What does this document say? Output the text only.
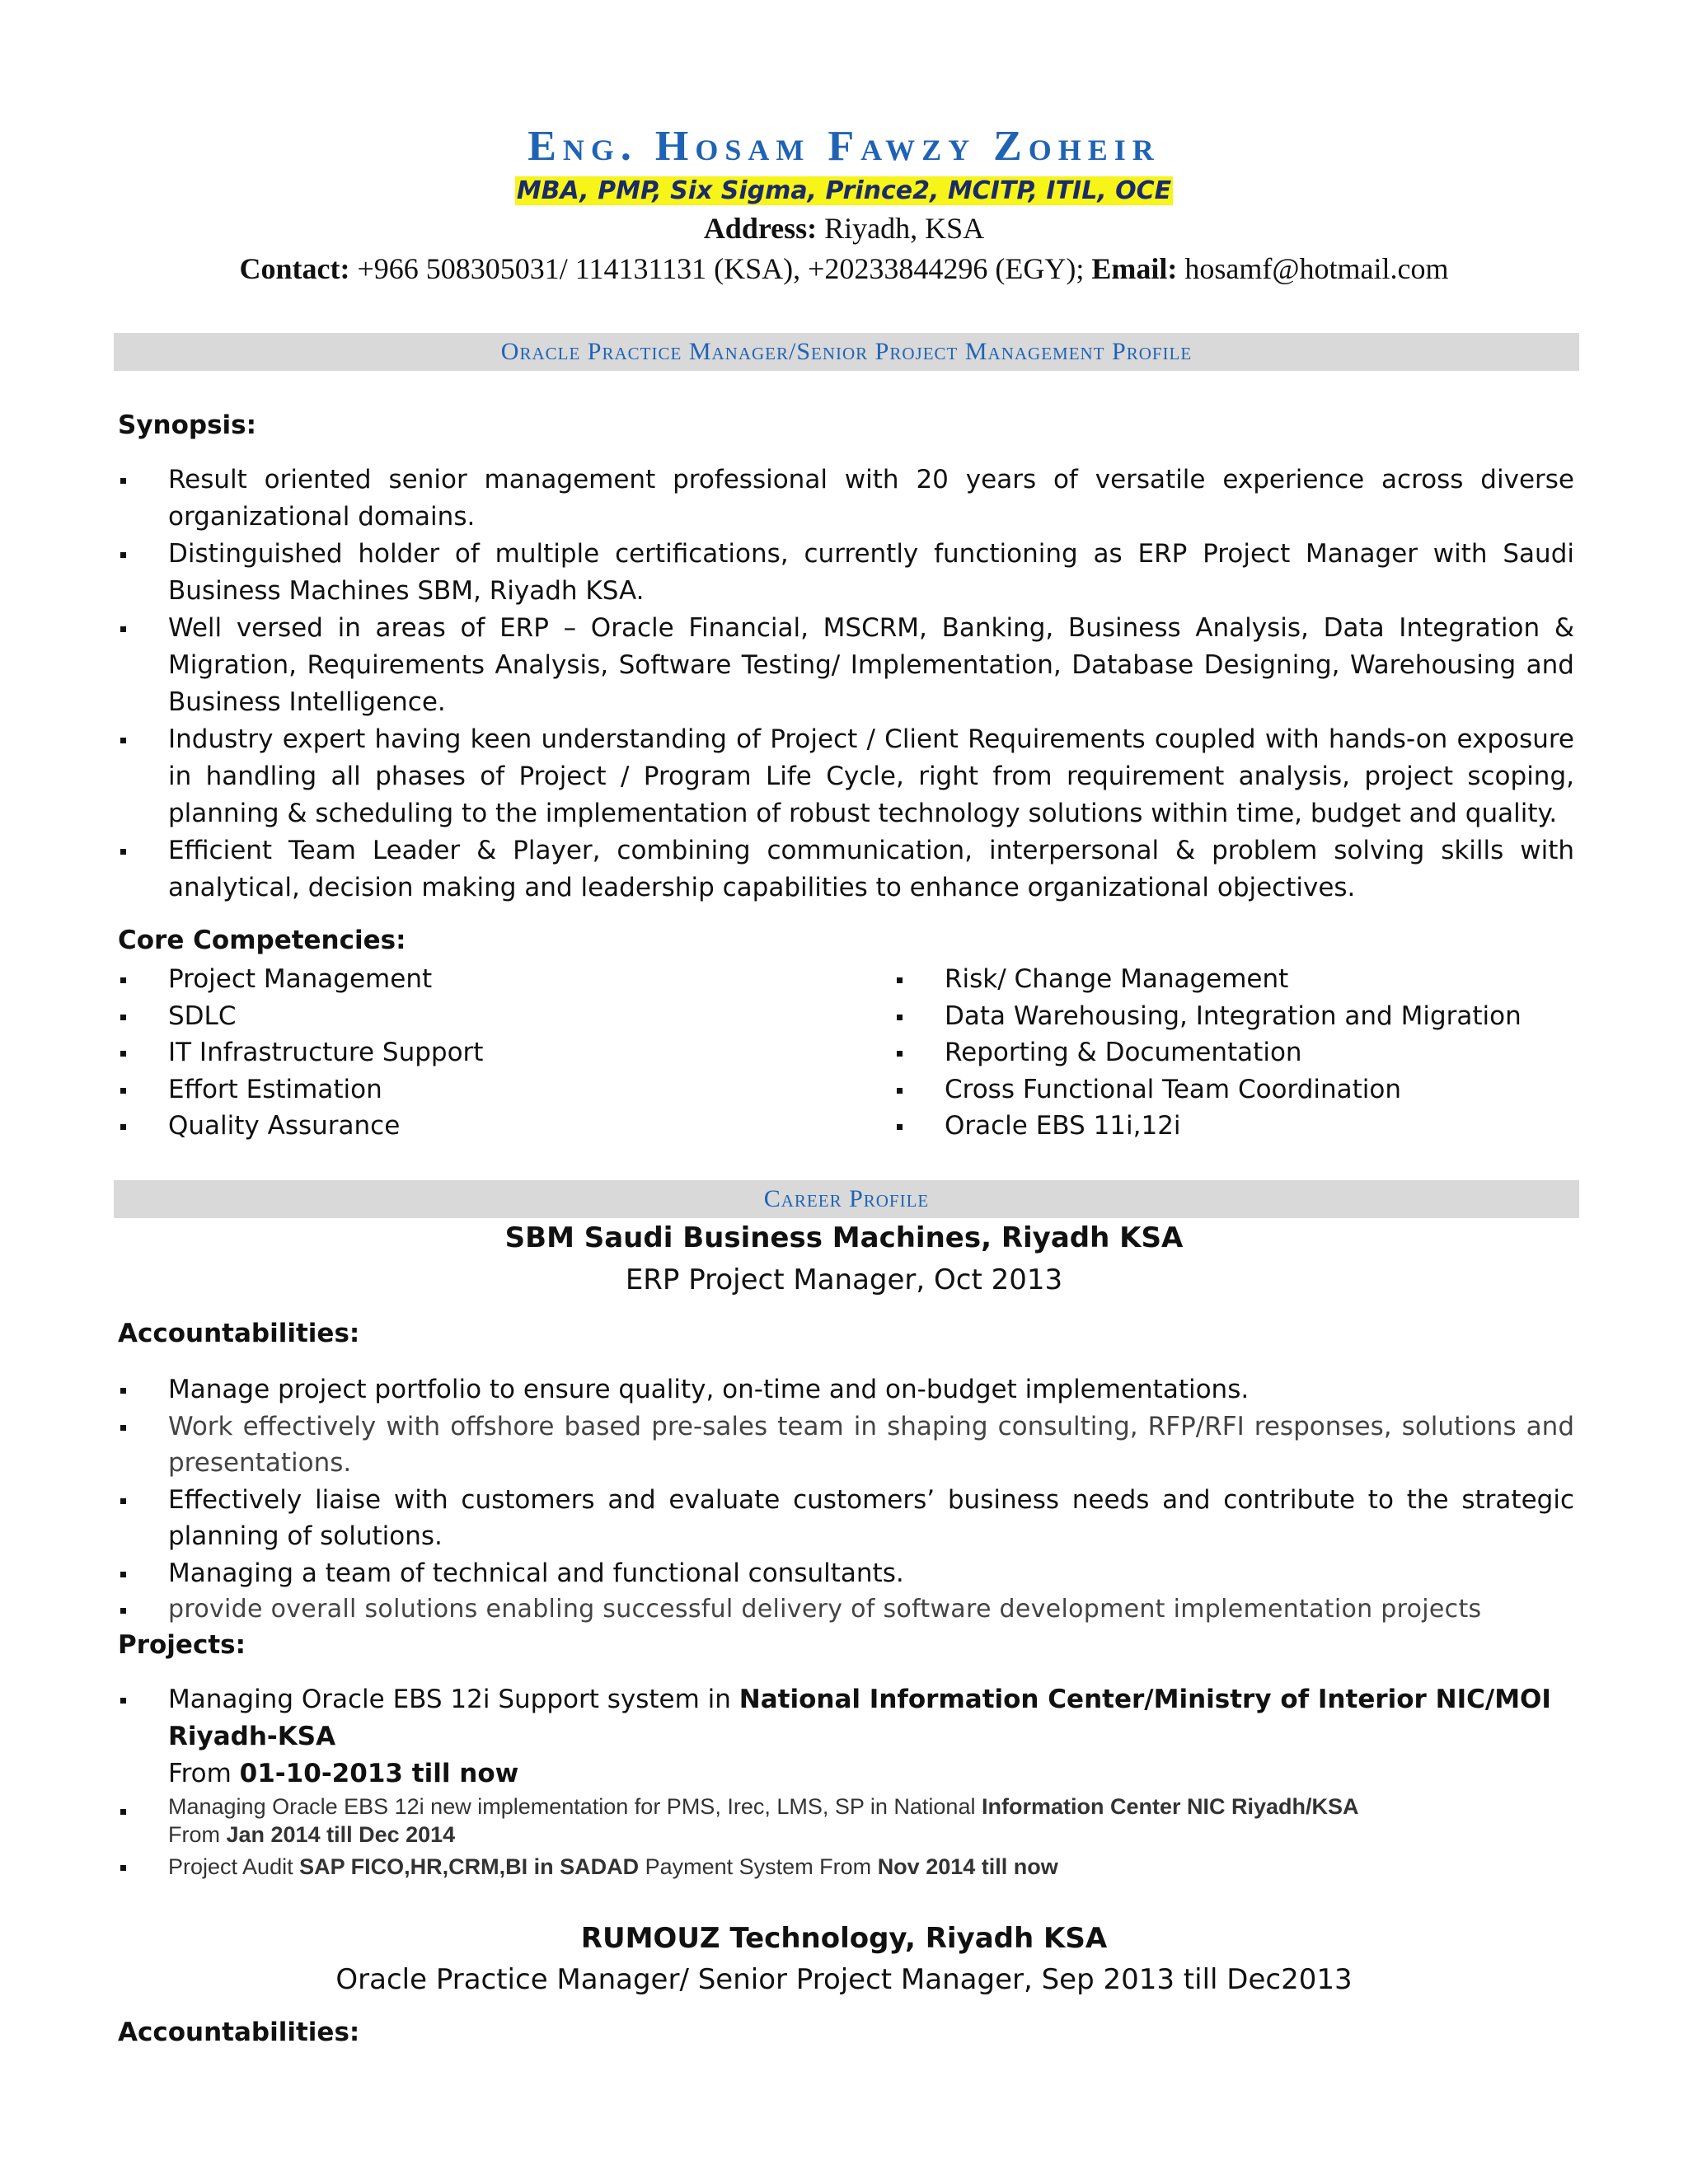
Eng. Hosam Fawzy Zoheir
MBA, PMP, Six Sigma, Prince2, MCITP, ITIL, OCE
Address: Riyadh, KSA
Contact: +966 508305031/ 114131131 (KSA), +20233844296 (EGY); Email: hosamf@hotmail.com
Oracle Practice Manager/Senior Project Management Profile
Synopsis:
Result oriented senior management professional with 20 years of versatile experience across diverse organizational domains.
Distinguished holder of multiple certifications, currently functioning as ERP Project Manager with Saudi Business Machines SBM, Riyadh KSA.
Well versed in areas of ERP – Oracle Financial, MSCRM, Banking, Business Analysis, Data Integration & Migration, Requirements Analysis, Software Testing/ Implementation, Database Designing, Warehousing and Business Intelligence.
Industry expert having keen understanding of Project / Client Requirements coupled with hands-on exposure in handling all phases of Project / Program Life Cycle, right from requirement analysis, project scoping, planning & scheduling to the implementation of robust technology solutions within time, budget and quality.
Efficient Team Leader & Player, combining communication, interpersonal & problem solving skills with analytical, decision making and leadership capabilities to enhance organizational objectives.
Core Competencies:
Project Management
SDLC
IT Infrastructure Support
Effort Estimation
Quality Assurance
Risk/ Change Management
Data Warehousing, Integration and Migration
Reporting & Documentation
Cross Functional Team Coordination
Oracle EBS 11i,12i
Career Profile
SBM Saudi Business Machines, Riyadh KSA
ERP Project Manager, Oct 2013
Accountabilities:
Manage project portfolio to ensure quality, on-time and on-budget implementations.
Work effectively with offshore based pre-sales team in shaping consulting, RFP/RFI responses, solutions and presentations.
Effectively liaise with customers and evaluate customers’ business needs and contribute to the strategic planning of solutions.
Managing a team of technical and functional consultants.
provide overall solutions enabling successful delivery of software development implementation projects
Projects:
Managing Oracle EBS 12i Support system in National Information Center/Ministry of Interior NIC/MOI Riyadh-KSA
From 01-10-2013 till now
Managing Oracle EBS 12i new implementation for PMS, Irec, LMS, SP in National Information Center NIC Riyadh/KSA
From Jan 2014 till Dec 2014
Project Audit SAP FICO,HR,CRM,BI in SADAD Payment System From Nov 2014 till now
RUMOUZ Technology, Riyadh KSA
Oracle Practice Manager/ Senior Project Manager, Sep 2013 till Dec2013
Accountabilities:
